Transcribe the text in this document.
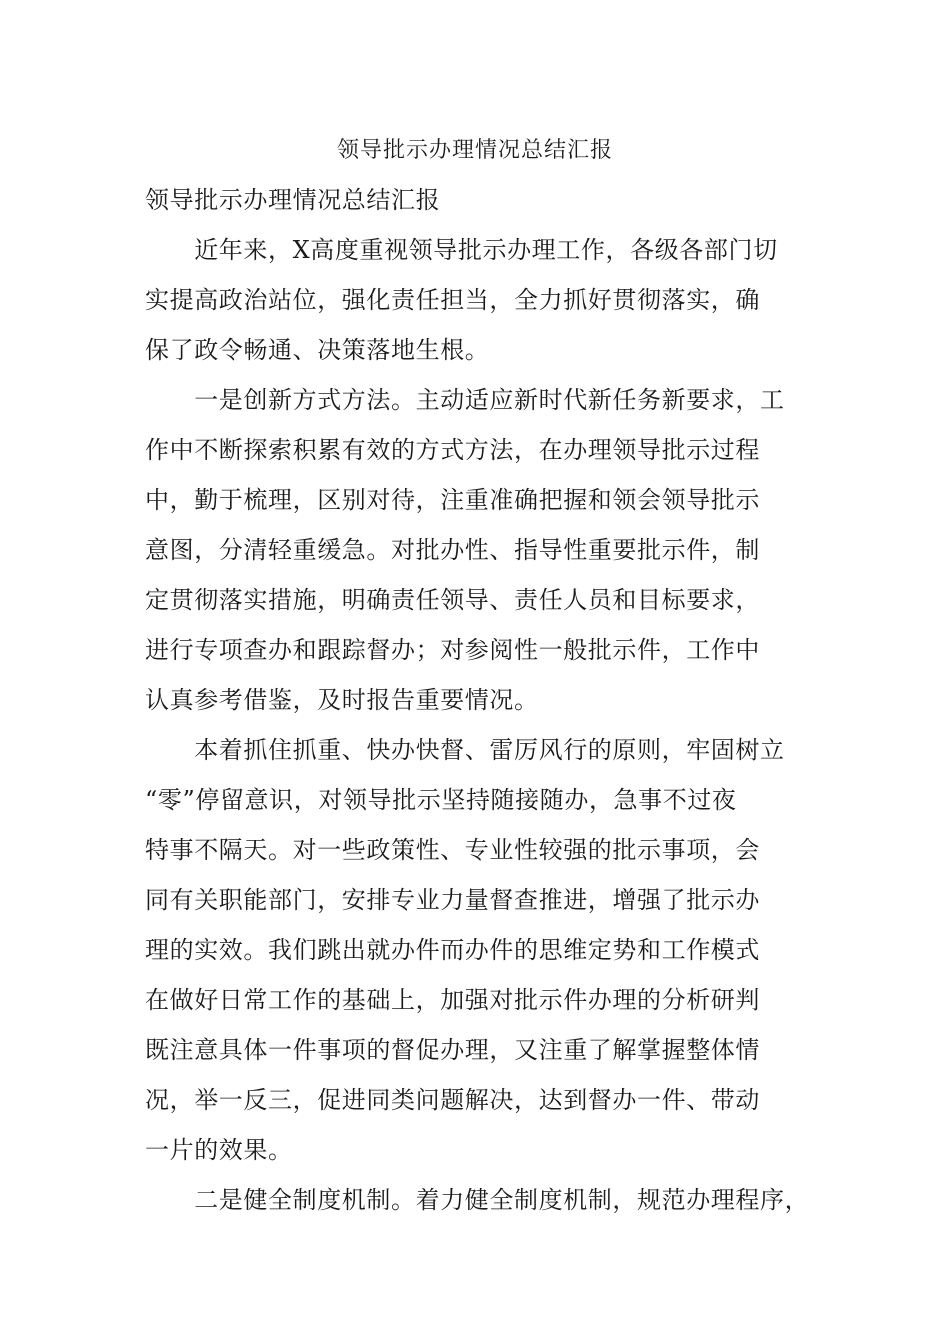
领导批示办理情况总结汇报
领导批示办理情况总结汇报
　　近年来，X高度重视领导批示办理工作，各级各部门切
实提高政治站位，强化责任担当，全力抓好贯彻落实，确
保了政令畅通、决策落地生根。
　　一是创新方式方法。主动适应新时代新任务新要求，工
作中不断探索积累有效的方式方法，在办理领导批示过程
中，勤于梳理，区别对待，注重准确把握和领会领导批示
意图，分清轻重缓急。对批办性、指导性重要批示件，制
定贯彻落实措施，明确责任领导、责任人员和目标要求，
进行专项查办和跟踪督办；对参阅性一般批示件，工作中
认真参考借鉴，及时报告重要情况。
　　本着抓住抓重、快办快督、雷厉风行的原则，牢固树立
“零”停留意识，对领导批示坚持随接随办，急事不过夜
特事不隔天。对一些政策性、专业性较强的批示事项，会
同有关职能部门，安排专业力量督查推进，增强了批示办
理的实效。我们跳出就办件而办件的思维定势和工作模式
在做好日常工作的基础上，加强对批示件办理的分析研判
既注意具体一件事项的督促办理，又注重了解掌握整体情
况，举一反三，促进同类问题解决，达到督办一件、带动
一片的效果。
　　二是健全制度机制。着力健全制度机制，规范办理程序，
